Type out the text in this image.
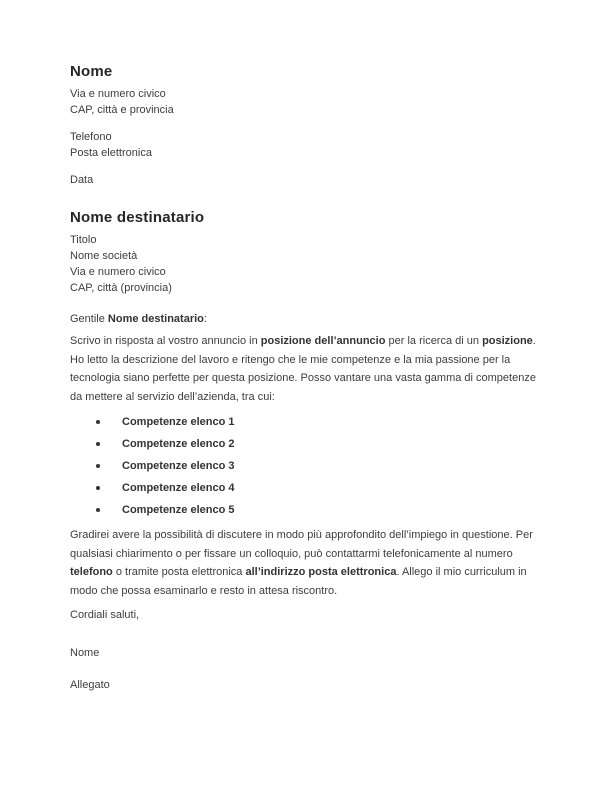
Nome
Via e numero civico
CAP, città e provincia
Telefono
Posta elettronica
Data
Nome destinatario
Titolo
Nome società
Via e numero civico
CAP, città (provincia)
Gentile Nome destinatario:

Scrivo in risposta al vostro annuncio in posizione dell’annuncio per la ricerca di un posizione. Ho letto la descrizione del lavoro e ritengo che le mie competenze e la mia passione per la tecnologia siano perfette per questa posizione. Posso vantare una vasta gamma di competenze da mettere al servizio dell’azienda, tra cui:

Competenze elenco 1
Competenze elenco 2
Competenze elenco 3
Competenze elenco 4
Competenze elenco 5

Gradirei avere la possibilità di discutere in modo più approfondito dell’impiego in questione. Per qualsiasi chiarimento o per fissare un colloquio, può contattarmi telefonicamente al numero telefono o tramite posta elettronica all’indirizzo posta elettronica. Allego il mio curriculum in modo che possa esaminarlo e resto in attesa riscontro.

Cordiali saluti,
Nome
Allegato
